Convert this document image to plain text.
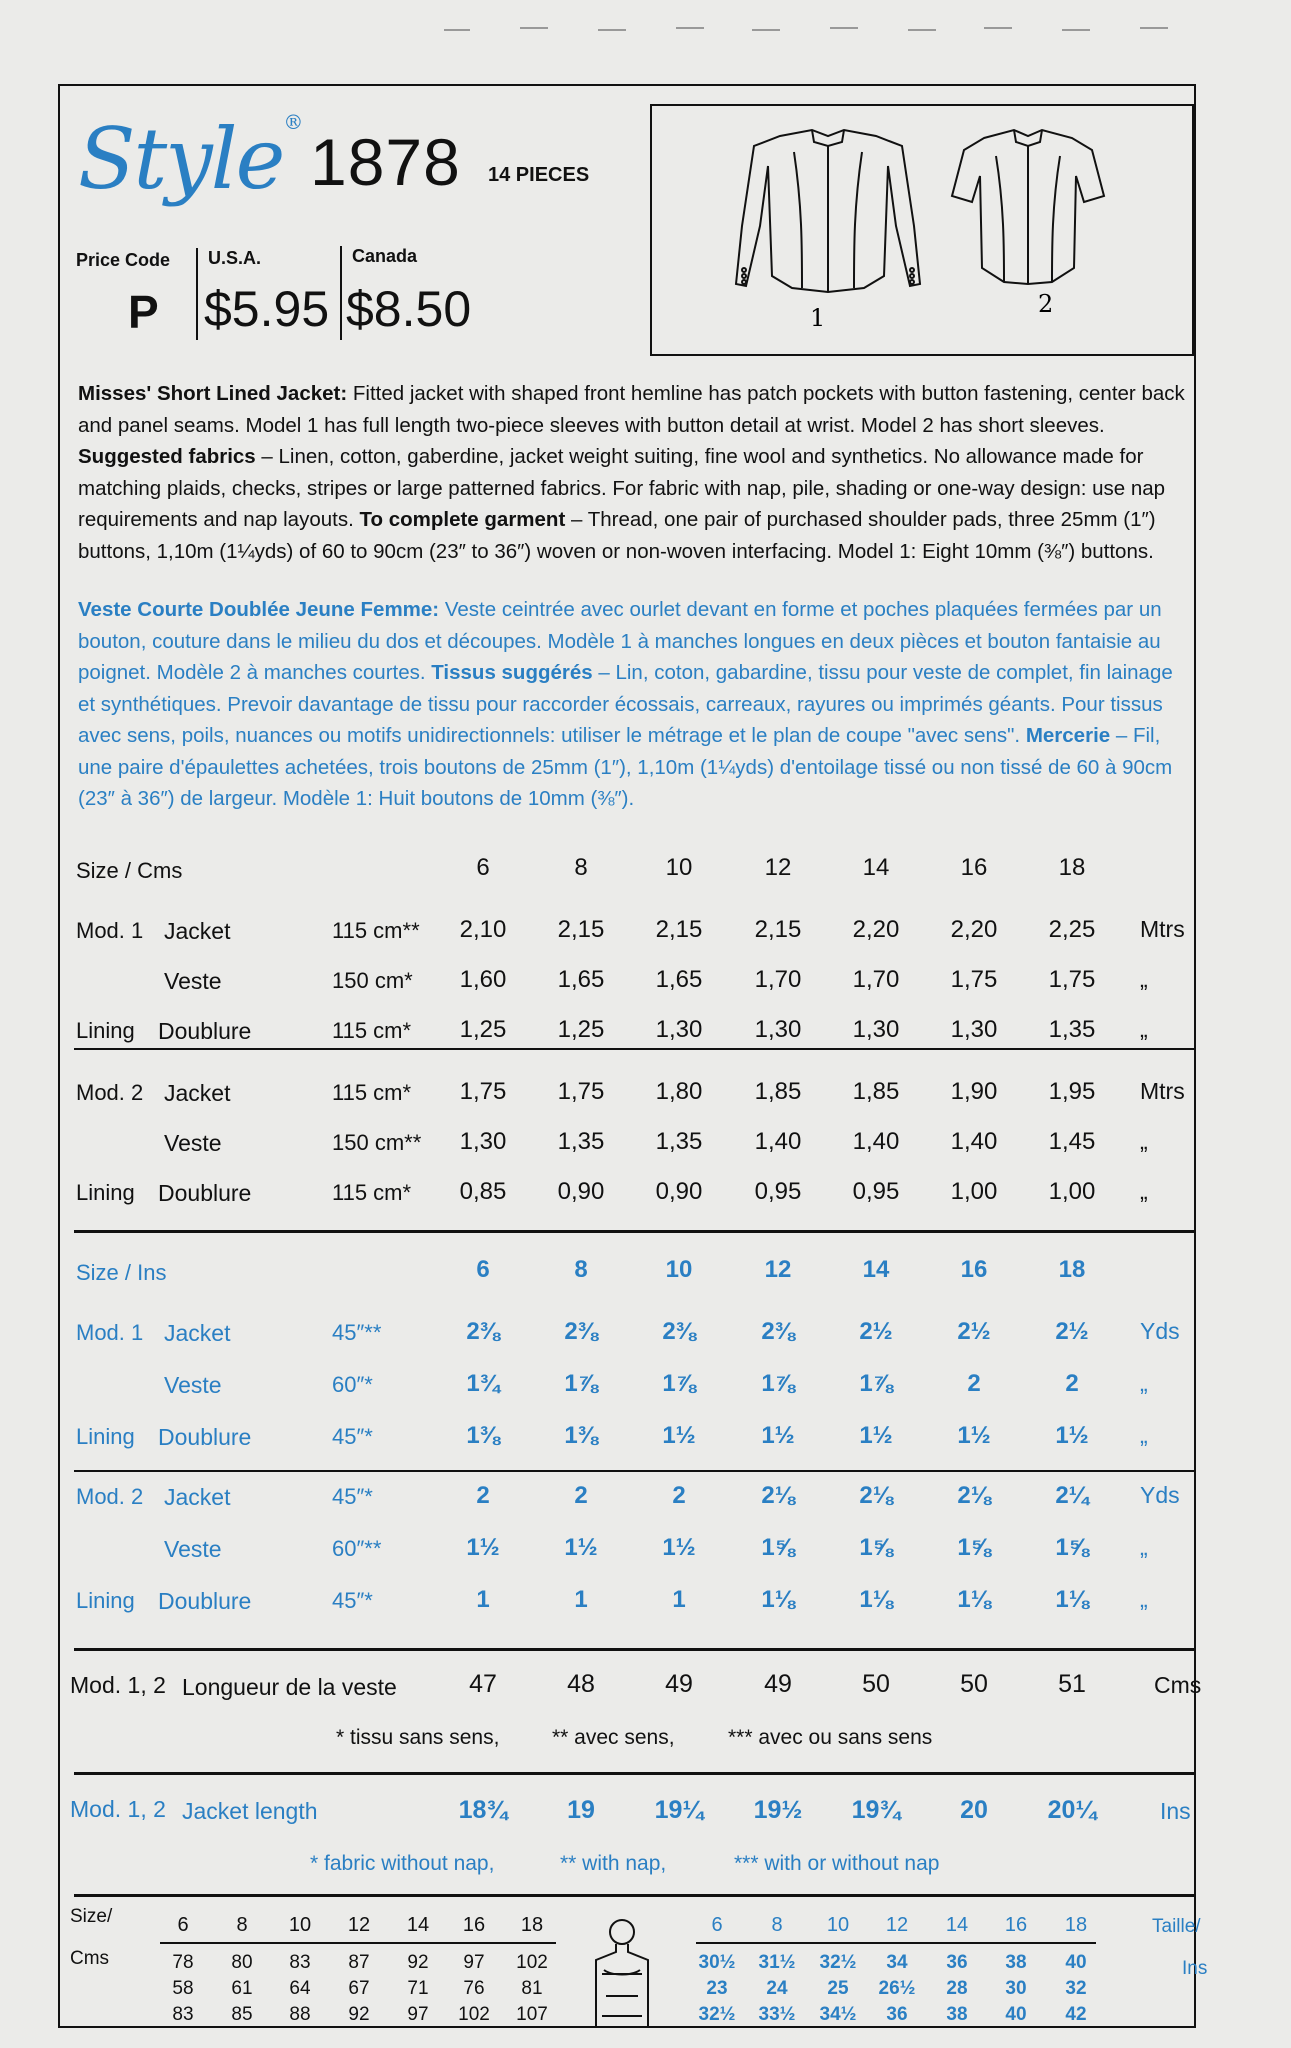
Style®
1878 14 PIECES
Price Code
P
U.S.A.
$5.95
Canada
$8.50	1	2
Misses' Short Lined Jacket: Fitted jacket with shaped front hemline has patch pockets with button fastening, center back and panel seams. Model 1 has full length two-piece sleeves with button detail at wrist. Model 2 has short sleeves. Suggested fabrics – Linen, cotton, gaberdine, jacket weight suiting, fine wool and synthetics. No allowance made for matching plaids, checks, stripes or large patterned fabrics. For fabric with nap, pile, shading or one-way design: use nap requirements and nap layouts. To complete garment – Thread, one pair of purchased shoulder pads, three 25mm (1″) buttons, 1,10m (1¼yds) of 60 to 90cm (23″ to 36″) woven or non-woven interfacing. Model 1: Eight 10mm (⅜″) buttons.
Veste Courte Doublée Jeune Femme: Veste ceintrée avec ourlet devant en forme et poches plaquées fermées par un bouton, couture dans le milieu du dos et découpes. Modèle 1 à manches longues en deux pièces et bouton fantaisie au poignet. Modèle 2 à manches courtes. Tissus suggérés – Lin, coton, gabardine, tissu pour veste de complet, fin lainage et synthétiques. Prevoir davantage de tissu pour raccorder écossais, carreaux, rayures ou imprimés géants. Pour tissus avec sens, poils, nuances ou motifs unidirectionnels: utiliser le métrage et le plan de coupe "avec sens". Mercerie – Fil, une paire d'épaulettes achetées, trois boutons de 25mm (1″), 1,10m (1¼yds) d'entoilage tissé ou non tissé de 60 à 90cm (23″ à 36″) de largeur. Modèle 1: Huit boutons de 10mm (⅜″).
Size / Cms	6	8	10	12	14	16	18
Mod. 1 Jacket	115 cm**	2,10	2,15	2,15	2,15	2,20	2,20	2,25	Mtrs
Veste	150 cm*	1,60	1,65	1,65	1,70	1,70	1,75	1,75	„
Lining Doublure	115 cm*	1,25	1,25	1,30	1,30	1,30	1,30	1,35	„
Mod. 2 Jacket	115 cm*	1,75	1,75	1,80	1,85	1,85	1,90	1,95	Mtrs
Veste	150 cm**	1,30	1,35	1,35	1,40	1,40	1,40	1,45	„
Lining Doublure	115 cm*	0,85	0,90	0,90	0,95	0,95	1,00	1,00	„
Size / Ins	6	8	10	12	14	16	18
Mod. 1 Jacket	45″**	2⅜	2⅜	2⅜	2⅜	2½	2½	2½	Yds
Veste	60″*	1¾	1⅞	1⅞	1⅞	1⅞	2	2	„
Lining Doublure	45″*	1⅜	1⅜	1½	1½	1½	1½	1½	„
Mod. 2 Jacket	45″*	2	2	2	2⅛	2⅛	2⅛	2¼	Yds
Veste	60″**	1½	1½	1½	1⅝	1⅝	1⅝	1⅝	„
Lining Doublure	45″*	1	1	1	1⅛	1⅛	1⅛	1⅛	„
Mod. 1, 2 Longueur de la veste	47	48	49	49	50	50	51	Cms
* tissu sans sens,	** avec sens,	*** avec ou sans sens
Mod. 1, 2 Jacket length	18¾	19	19¼	19½	19¾	20	20¼	Ins
* fabric without nap,	** with nap,	*** with or without nap
Size/
Cms
6	8	10	12	14	16	18
78	80	83	87	92	97	102
58	61	64	67	71	76	81
83	85	88	92	97	102	107
6	8	10	12	14	16	18	Taille/
Ins
30½	31½	32½	34	36	38	40
23	24	25	26½	28	30	32
32½	33½	34½	36	38	40	42
